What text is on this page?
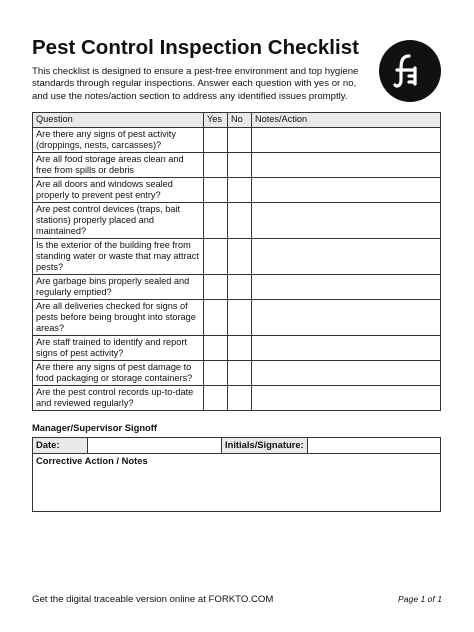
Pest Control Inspection Checklist
This checklist is designed to ensure a pest-free environment and top hygiene standards through regular inspections. Answer each question with yes or no, and use the notes/action section to address any identified issues promptly.
Question	Yes	No	Notes/Action
Are there any signs of pest activity (droppings, nests, carcasses)?			
Are all food storage areas clean and free from spills or debris			
Are all doors and windows sealed properly to prevent pest entry?			
Are pest control devices (traps, bait stations) properly placed and maintained?			
Is the exterior of the building free from standing water or waste that may attract pests?			
Are garbage bins properly sealed and regularly emptied?			
Are all deliveries checked for signs of pests before being brought into storage areas?			
Are staff trained to identify and report signs of pest activity?			
Are there any signs of pest damage to food packaging or storage containers?			
Are the pest control records up-to-date and reviewed regularly?			
Manager/Supervisor Signoff
Date:		Initials/Signature:	
Corrective Action / Notes
Get the digital traceable version online at FORKTO.COM	Page 1 of 1
